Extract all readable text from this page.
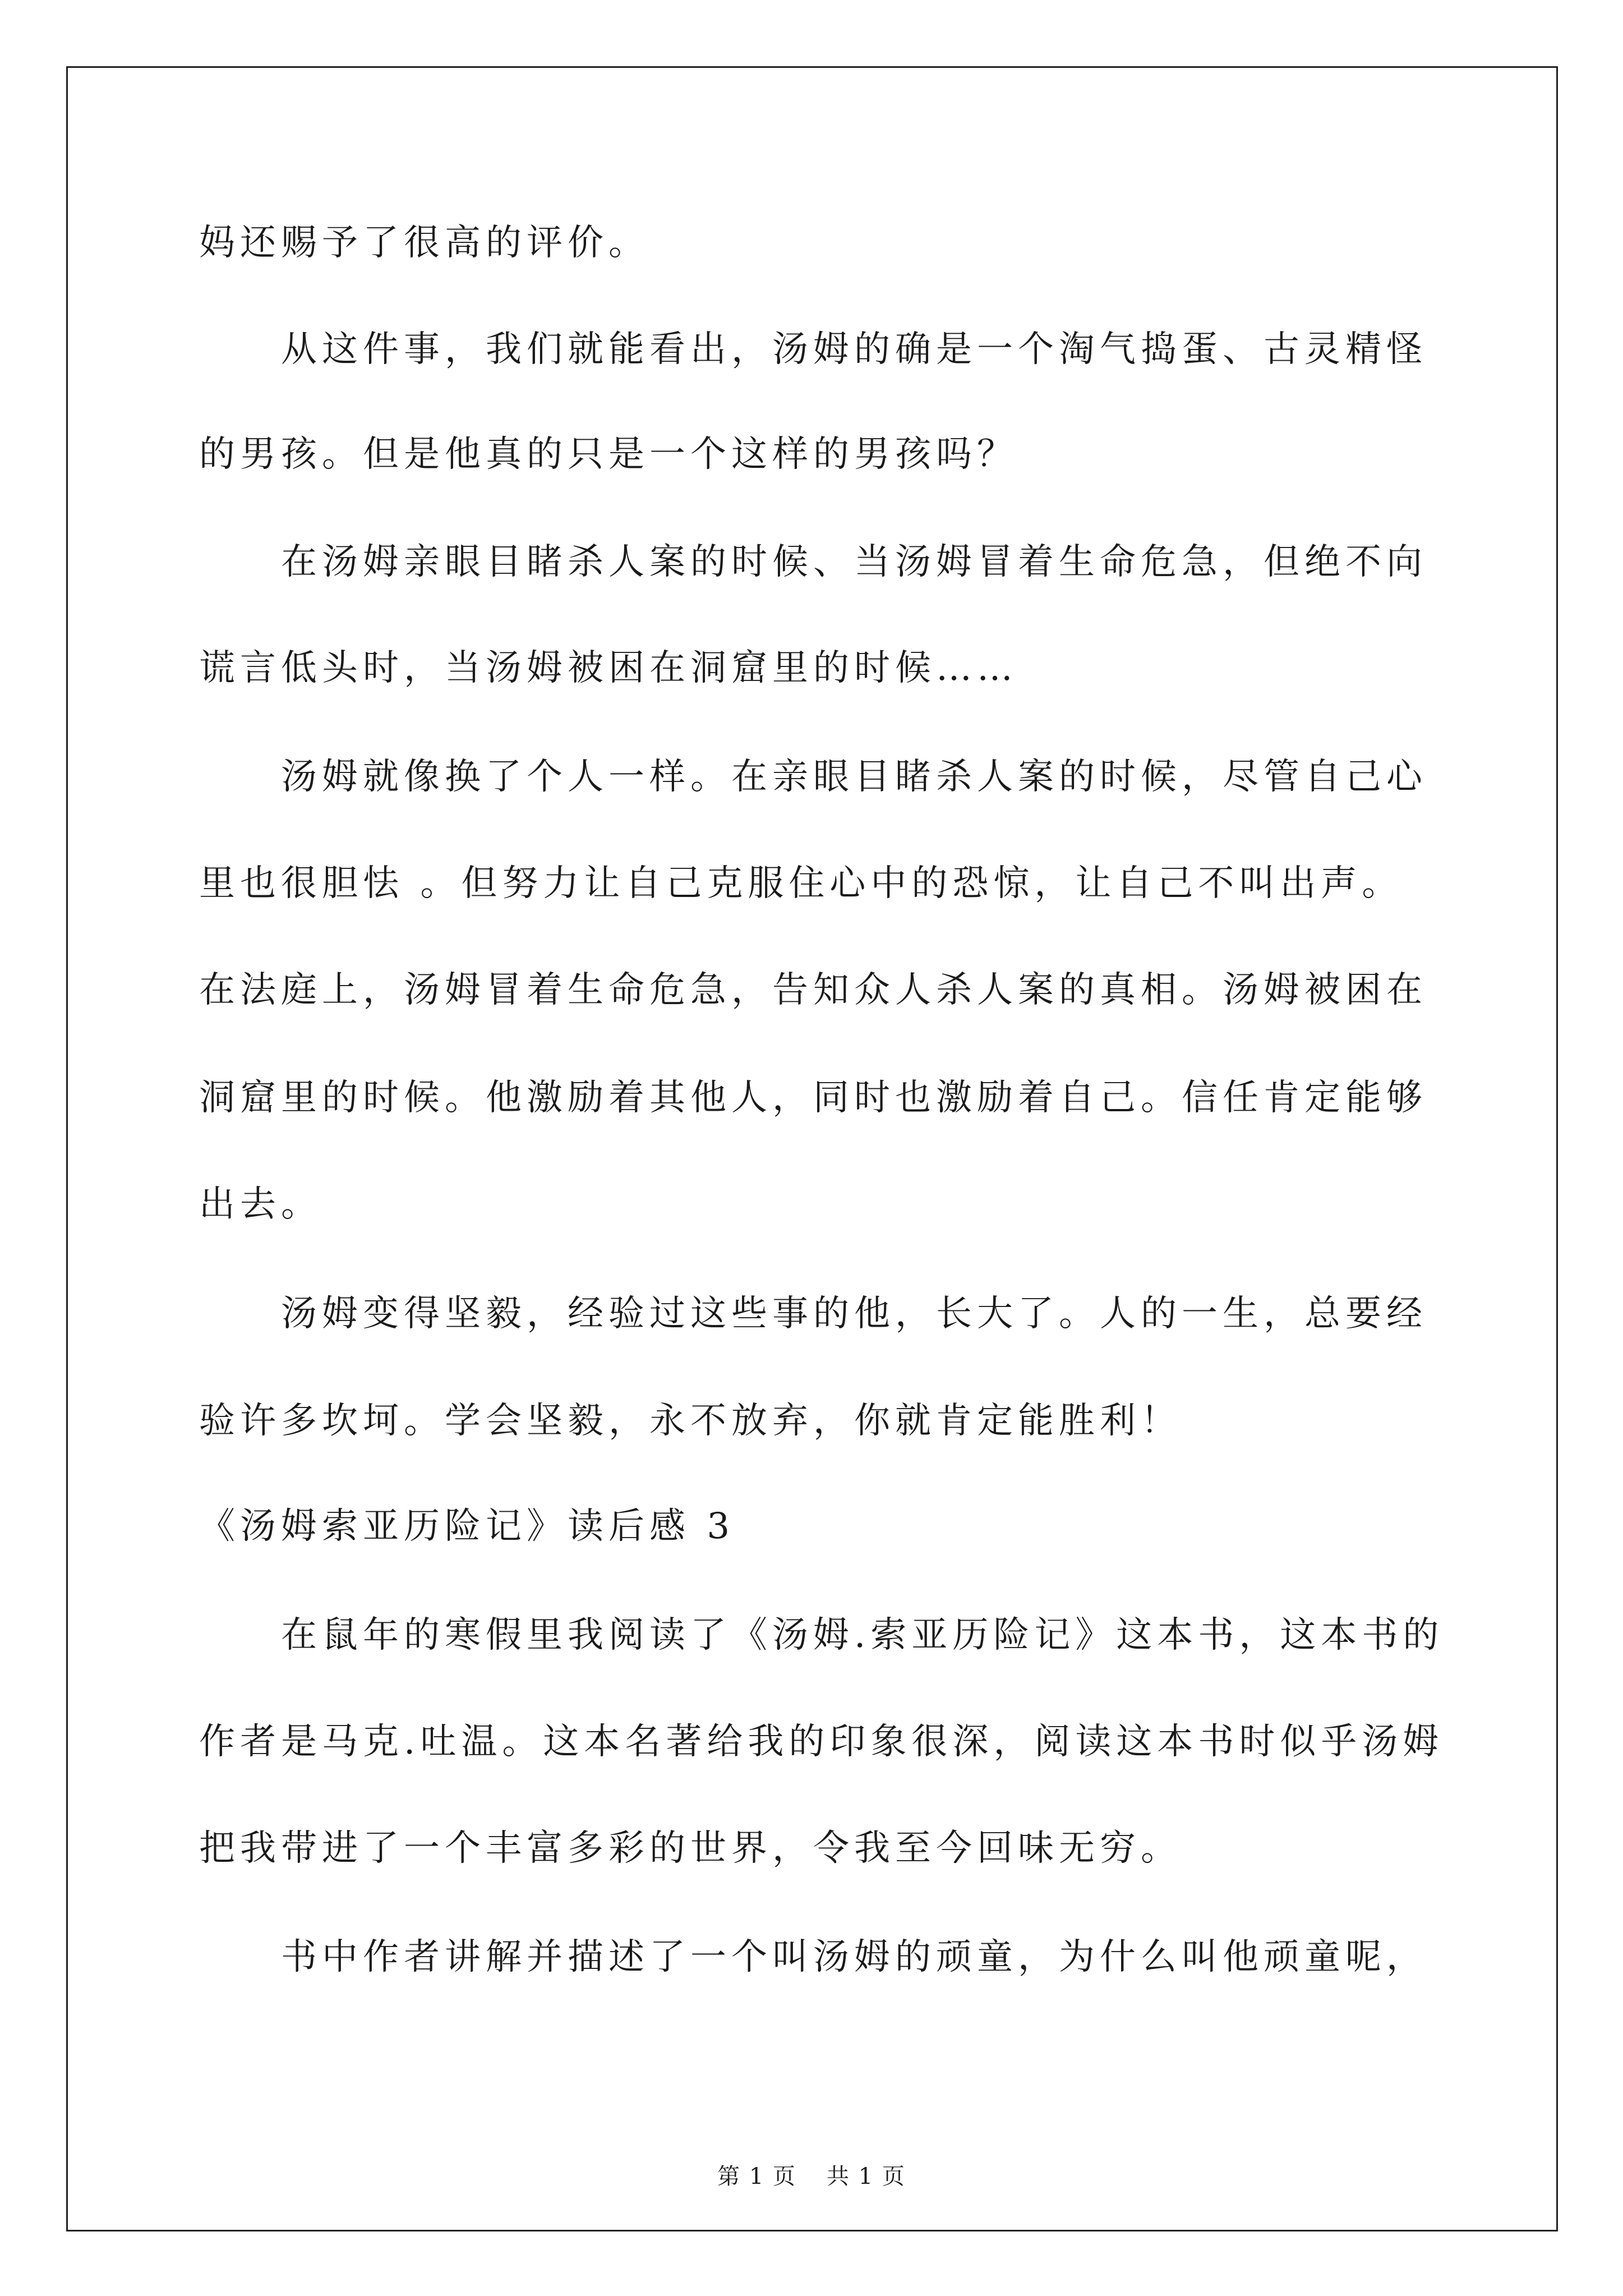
妈还赐予了很高的评价。
从这件事，我们就能看出，汤姆的确是一个淘气捣蛋、古灵精怪
的男孩。但是他真的只是一个这样的男孩吗？
在汤姆亲眼目睹杀人案的时候、当汤姆冒着生命危急，但绝不向
谎言低头时，当汤姆被困在洞窟里的时候……
汤姆就像换了个人一样。在亲眼目睹杀人案的时候，尽管自己心
里也很胆怯 。但努力让自己克服住心中的恐惊，让自己不叫出声。
在法庭上，汤姆冒着生命危急，告知众人杀人案的真相。汤姆被困在
洞窟里的时候。他激励着其他人，同时也激励着自己。信任肯定能够
出去。
汤姆变得坚毅，经验过这些事的他，长大了。人的一生，总要经
验许多坎坷。学会坚毅，永不放弃，你就肯定能胜利！
《汤姆索亚历险记》读后感 3
在鼠年的寒假里我阅读了《汤姆.索亚历险记》这本书，这本书的
作者是马克.吐温。这本名著给我的印象很深，阅读这本书时似乎汤姆
把我带进了一个丰富多彩的世界，令我至今回味无穷。
书中作者讲解并描述了一个叫汤姆的顽童，为什么叫他顽童呢，
第 1 页 共 1 页
